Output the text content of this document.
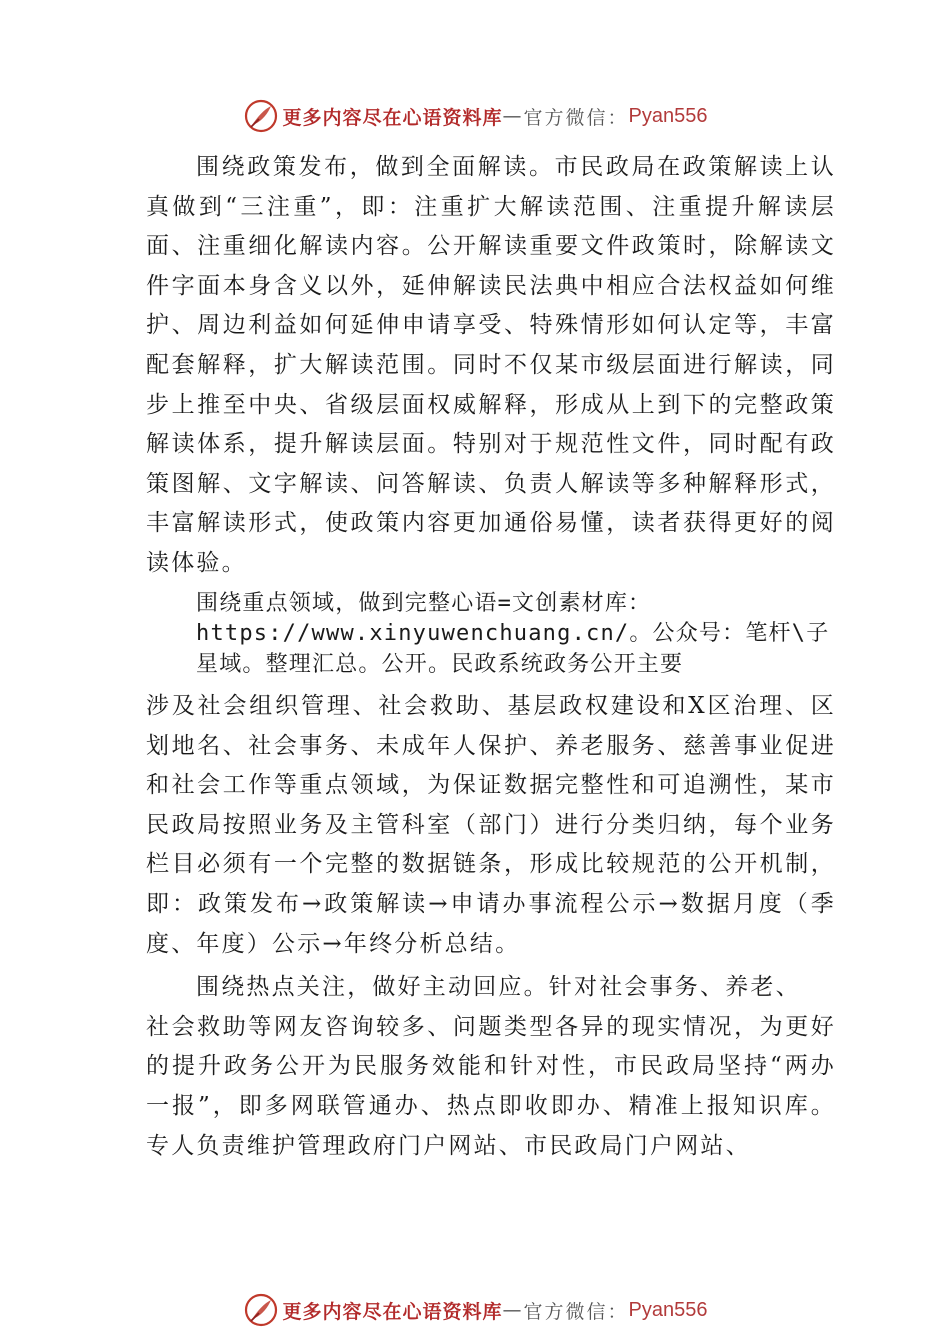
更多内容尽在心语资料库 — 官方微信： Pyan556

围绕政策发布，做到全面解读。市民政局在政策解读上认真做到“三注重”，即：注重扩大解读范围、注重提升解读层面、注重细化解读内容。公开解读重要文件政策时，除解读文件字面本身含义以外，延伸解读民法典中相应合法权益如何维护、周边利益如何延伸申请享受、特殊情形如何认定等，丰富配套解释，扩大解读范围。同时不仅某市级层面进行解读，同步上推至中央、省级层面权威解释，形成从上到下的完整政策解读体系，提升解读层面。特别对于规范性文件，同时配有政策图解、文字解读、问答解读、负责人解读等多种解释形式，丰富解读形式，使政策内容更加通俗易懂，读者获得更好的阅读体验。

围绕重点领域，做到完整心语=文创素材库：https://www.xinyuwenchuang.cn/。公众号：笔杆\子星域。整理汇总。公开。民政系统政务公开主要

涉及社会组织管理、社会救助、基层政权建设和X区治理、区划地名、社会事务、未成年人保护、养老服务、慈善事业促进和社会工作等重点领域，为保证数据完整性和可追溯性，某市民政局按照业务及主管科室（部门）进行分类归纳，每个业务栏目必须有一个完整的数据链条，形成比较规范的公开机制，即：政策发布→政策解读→申请办事流程公示→数据月度（季度、年度）公示→年终分析总结。

围绕热点关注，做好主动回应。针对社会事务、养老、

社会救助等网友咨询较多、问题类型各异的现实情况，为更好的提升政务公开为民服务效能和针对性，市民政局坚持“两办一报”，即多网联管通办、热点即收即办、精准上报知识库。专人负责维护管理政府门户网站、市民政局门户网站、

更多内容尽在心语资料库 — 官方微信： Pyan556
